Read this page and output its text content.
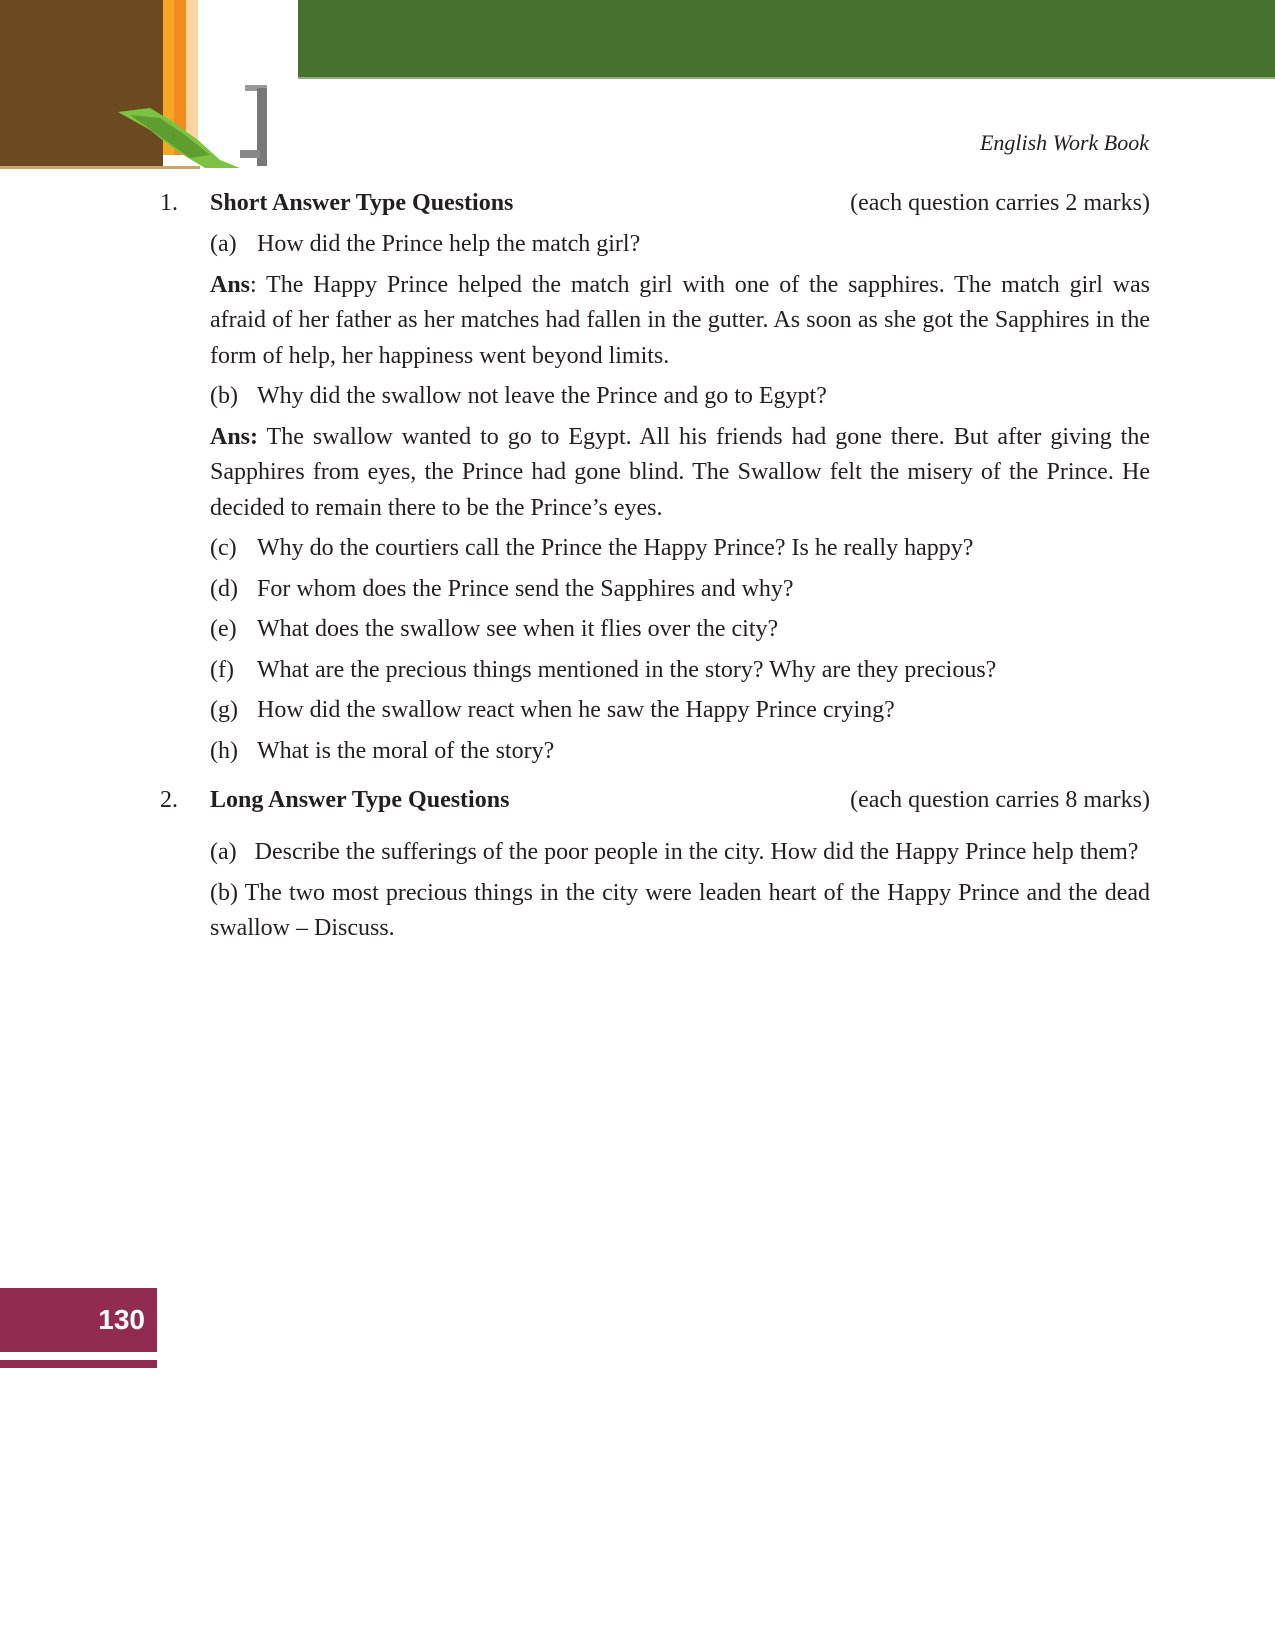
English Work Book
1.	Short Answer Type Questions	(each question carries 2 marks)
(a) How did the Prince help the match girl?
Ans: The Happy Prince helped the match girl with one of the sapphires. The match girl was afraid of her father as her matches had fallen in the gutter. As soon as she got the Sapphires in the form of help, her happiness went beyond limits.
(b) Why did the swallow not leave the Prince and go to Egypt?
Ans: The swallow wanted to go to Egypt. All his friends had gone there. But after giving the Sapphires from eyes, the Prince had gone blind. The Swallow felt the misery of the Prince. He decided to remain there to be the Prince’s eyes.
(c) Why do the courtiers call the Prince the Happy Prince? Is he really happy?
(d) For whom does the Prince send the Sapphires and why?
(e) What does the swallow see when it flies over the city?
(f) What are the precious things mentioned in the story? Why are they precious?
(g) How did the swallow react when he saw the Happy Prince crying?
(h) What is the moral of the story?
2.	Long Answer Type Questions	(each question carries 8 marks)
(a)   Describe the sufferings of the poor people in the city. How did the Happy Prince help them?
(b) The two most precious things in the city were leaden heart of the Happy Prince and the dead swallow – Discuss.
130
